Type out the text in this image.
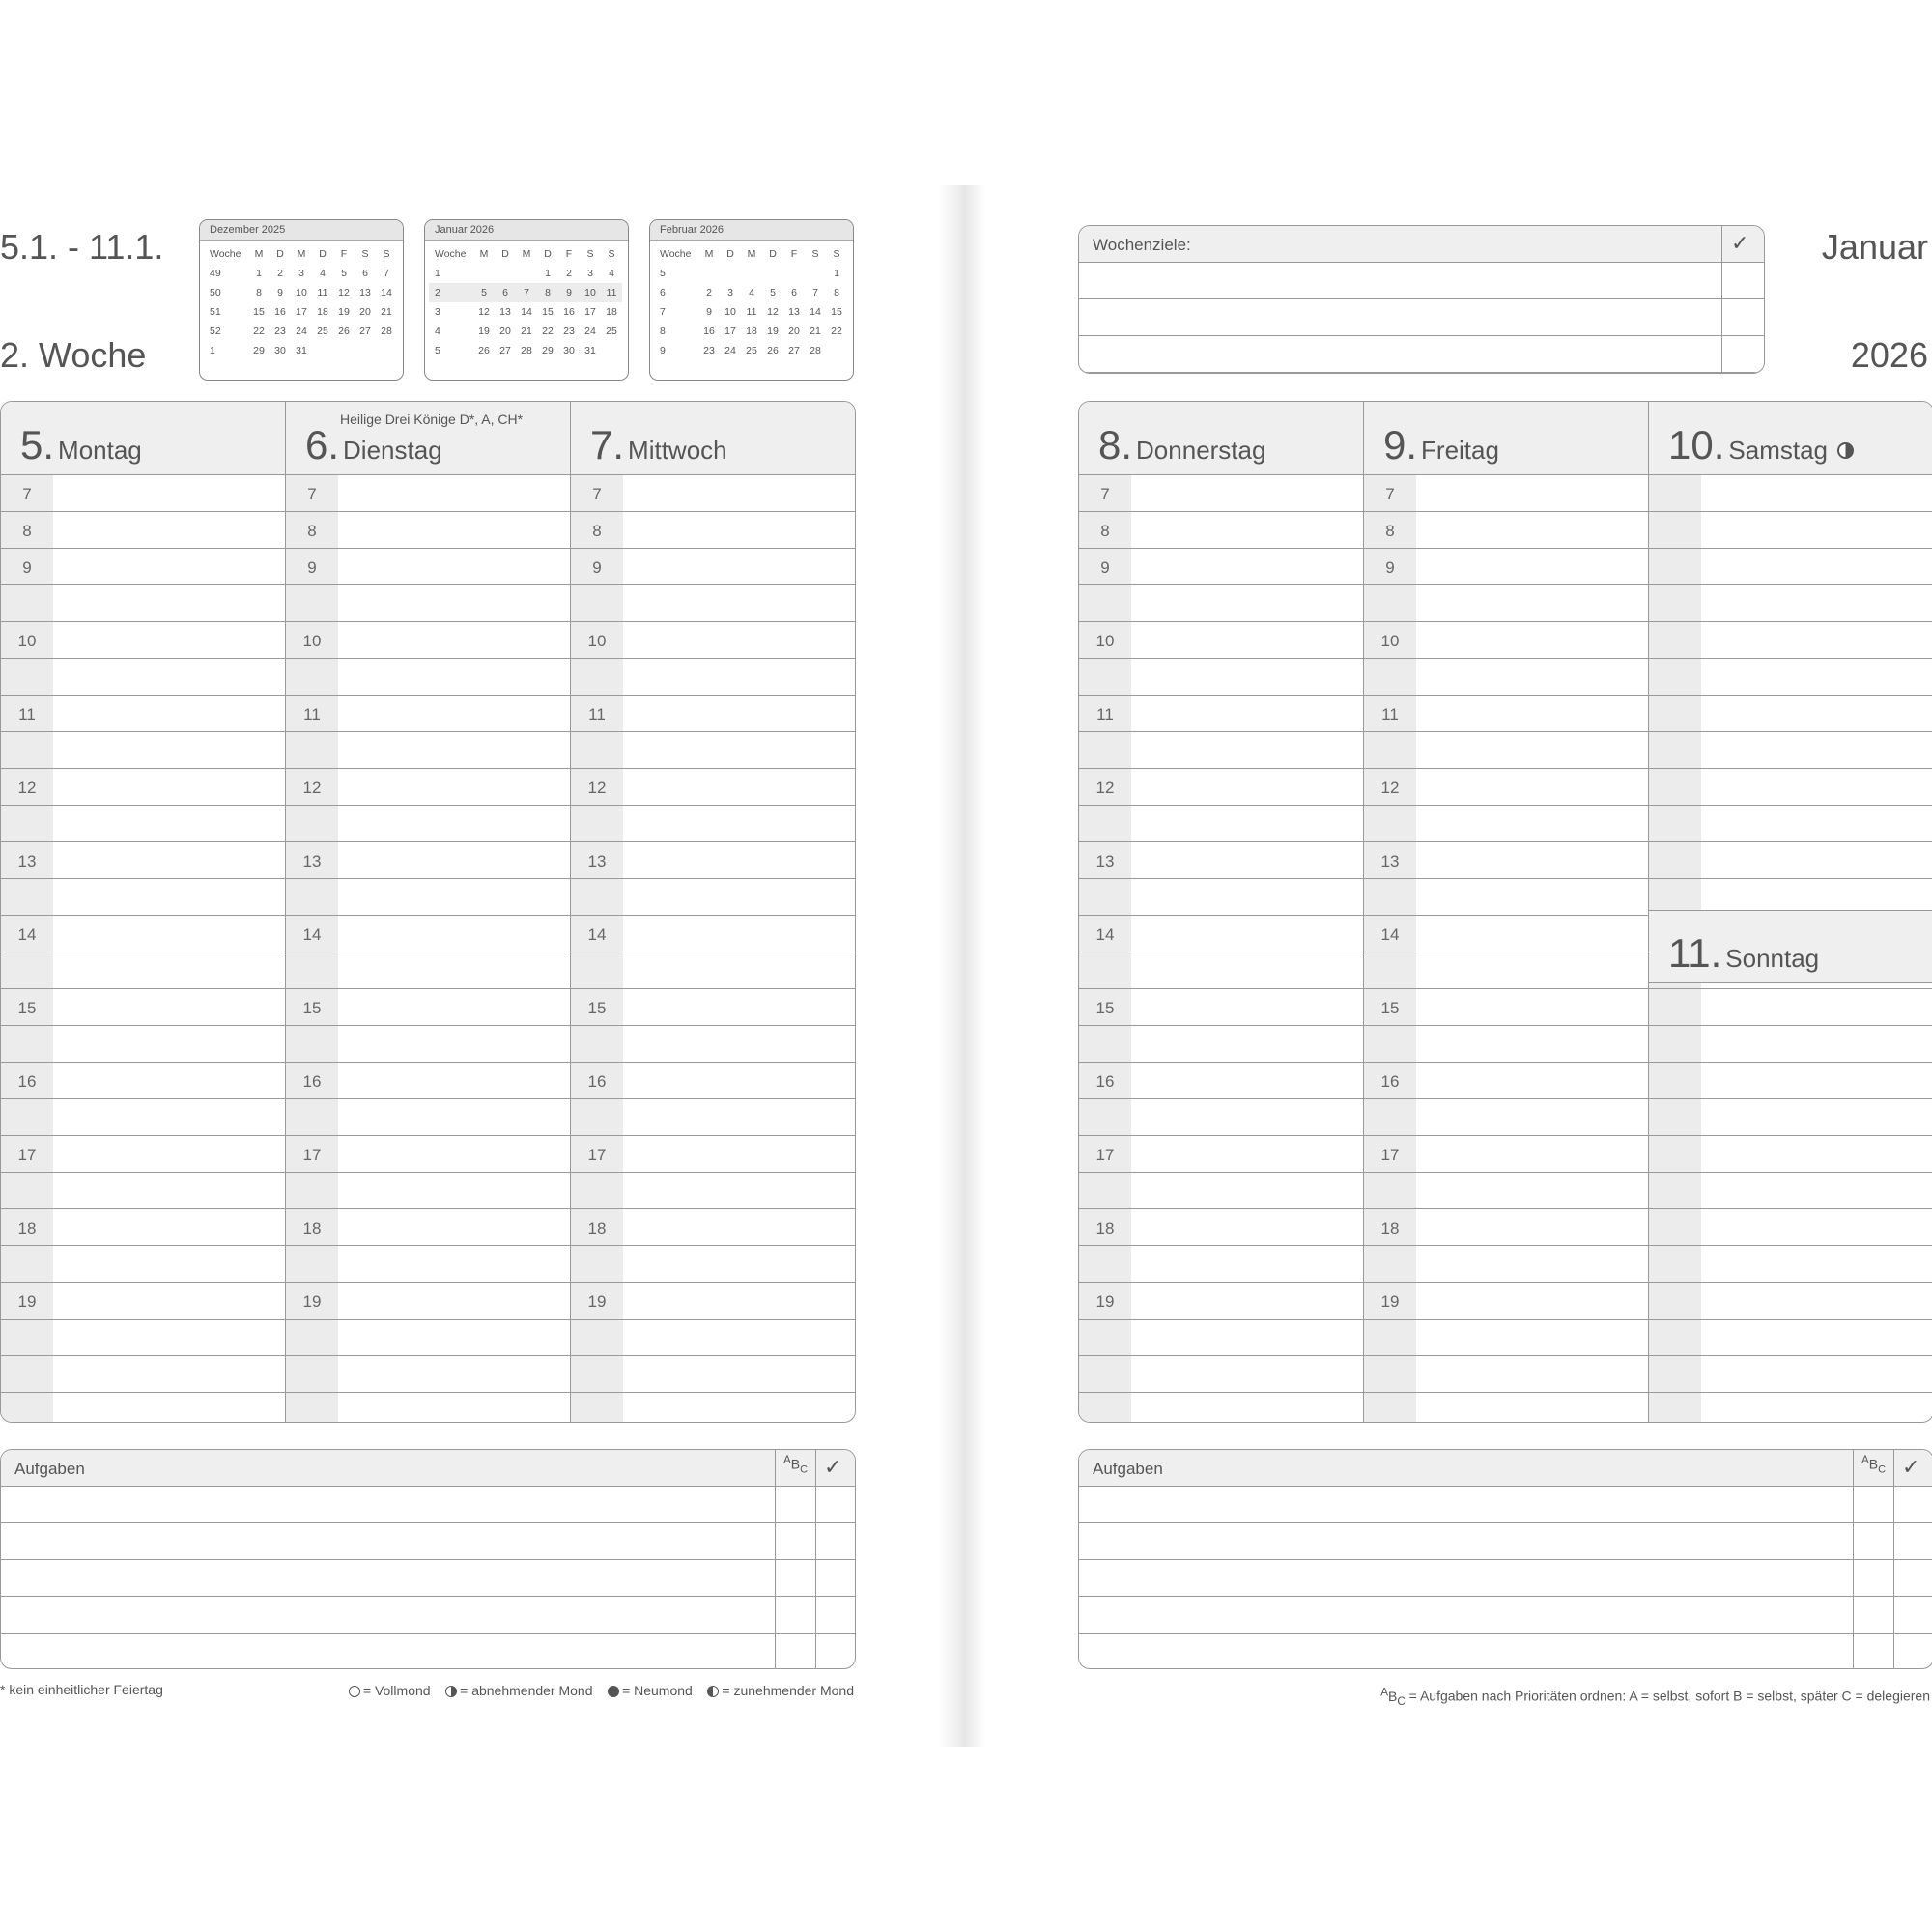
5.1. - 11.1.
2. Woche
Dezember 2025
Woche	M	D	M	D	F	S	S
49	1	2	3	4	5	6	7
50	8	9	10	11	12	13	14
51	15	16	17	18	19	20	21
52	22	23	24	25	26	27	28
1	29	30	31				
Januar 2026
Woche	M	D	M	D	F	S	S
1				1	2	3	4
2	5	6	7	8	9	10	11
3	12	13	14	15	16	17	18
4	19	20	21	22	23	24	25
5	26	27	28	29	30	31	
Februar 2026
Woche	M	D	M	D	F	S	S
5							1
6	2	3	4	5	6	7	8
7	9	10	11	12	13	14	15
8	16	17	18	19	20	21	22
9	23	24	25	26	27	28	
Januar
2026
Wochenziele:	✓
5. Montag
7
8
9
10
11
12
13
14
15
16
17
18
19
Heilige Drei Könige D*, A, CH*
6. Dienstag
7
8
9
10
11
12
13
14
15
16
17
18
19
7. Mittwoch
7
8
9
10
11
12
13
14
15
16
17
18
19
8. Donnerstag
7
8
9
10
11
12
13
14
15
16
17
18
19
9. Freitag
7
8
9
10
11
12
13
14
15
16
17
18
19
10. Samstag
11. Sonntag
Aufgaben	$^AB_C$ ✓	Aufgaben	$^AB_C$ ✓
* kein einheitlicher Feiertag	= Vollmond = abnehmender Mond = Neumond = zunehmender Mond	$^AB_C$ = Aufgaben nach Prioritäten ordnen: A = selbst, sofort B = selbst, später C = delegieren
